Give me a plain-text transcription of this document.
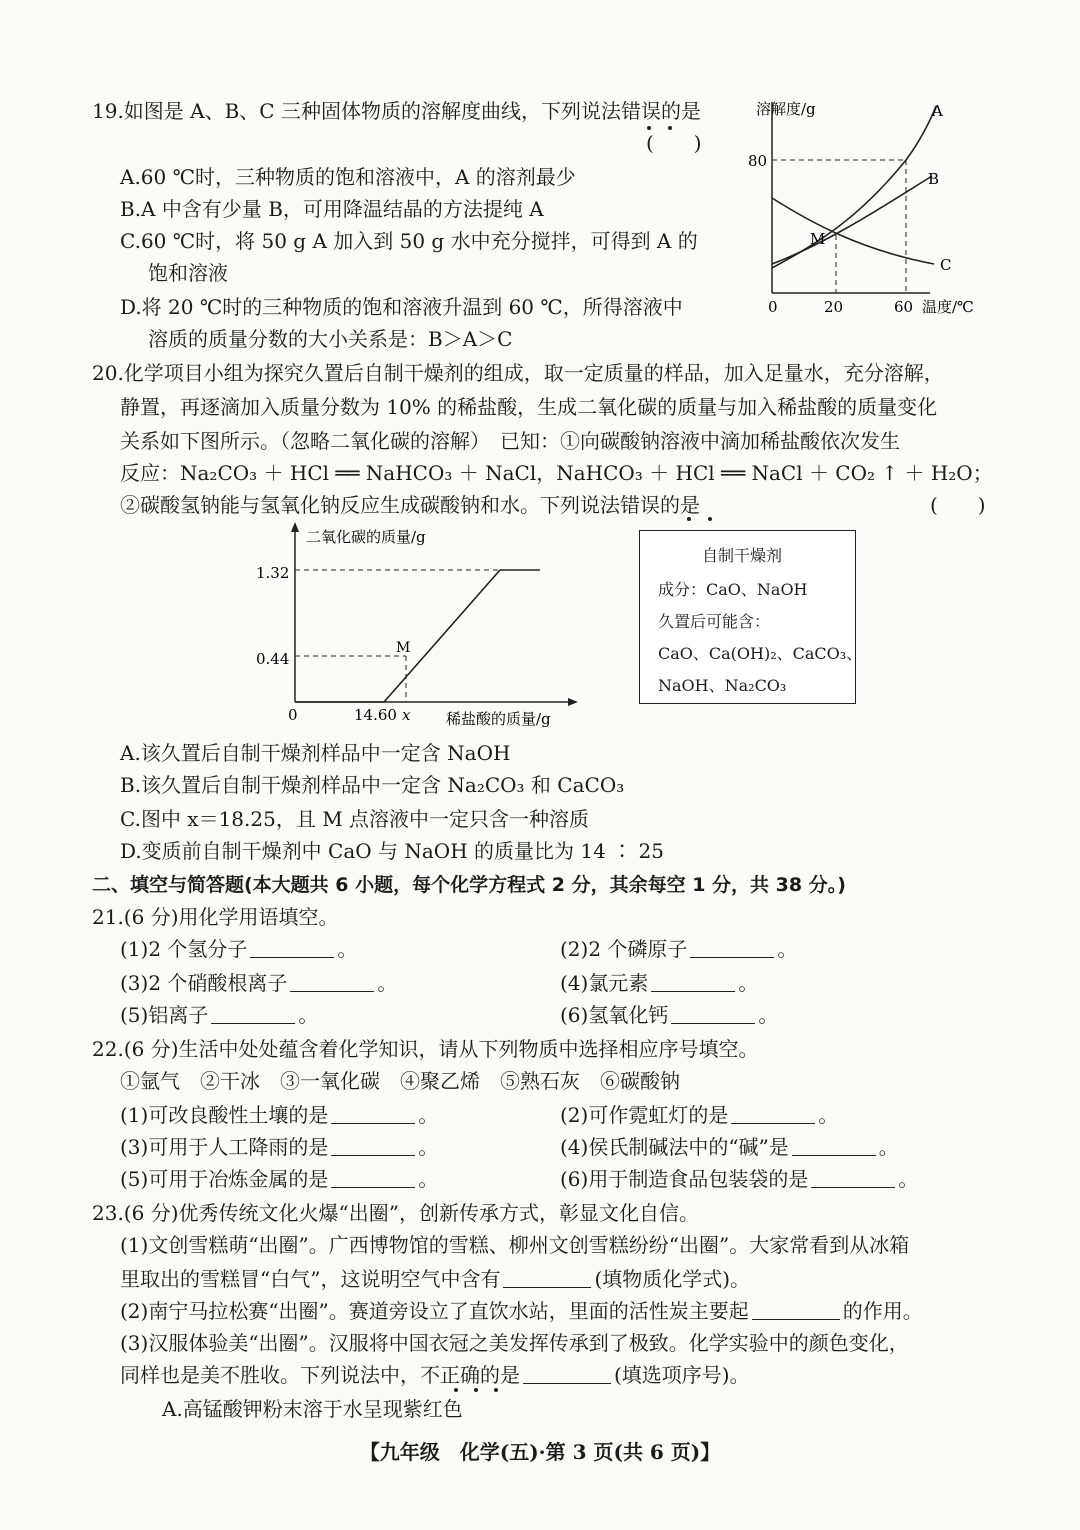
19.如图是 A、B、C 三种固体物质的溶解度曲线，下列说法错误的是
(　　)
A.60 ℃时，三种物质的饱和溶液中，A 的溶剂最少
B.A 中含有少量 B，可用降温结晶的方法提纯 A
C.60 ℃时，将 50 g A 加入到 50 g 水中充分搅拌，可得到 A 的
饱和溶液
D.将 20 ℃时的三种物质的饱和溶液升温到 60 ℃，所得溶液中
溶质的质量分数的大小关系是：B＞A＞C
溶解度/g
80
0	20	60 温度/℃
A
B
C
M
20.化学项目小组为探究久置后自制干燥剂的组成，取一定质量的样品，加入足量水，充分溶解，
静置，再逐滴加入质量分数为 10% 的稀盐酸，生成二氧化碳的质量与加入稀盐酸的质量变化
关系如下图所示。（忽略二氧化碳的溶解）　已知：①向碳酸钠溶液中滴加稀盐酸依次发生
反应：Na₂CO₃ ＋ HCl ══ NaHCO₃ ＋ NaCl，NaHCO₃ ＋ HCl ══ NaCl ＋ CO₂ ↑ ＋ H₂O；
②碳酸氢钠能与氢氧化钠反应生成碳酸钠和水。下列说法错误的是	(　　)
二氧化碳的质量/g
1.32
0.44
0	14.60 x 稀盐酸的质量/g
M
自制干燥剂
成分：CaO、NaOH
久置后可能含：
CaO、Ca(OH)₂、CaCO₃、
NaOH、Na₂CO₃
A.该久置后自制干燥剂样品中一定含 NaOH
B.该久置后自制干燥剂样品中一定含 Na₂CO₃ 和 CaCO₃
C.图中 x＝18.25，且 M 点溶液中一定只含一种溶质
D.变质前自制干燥剂中 CaO 与 NaOH 的质量比为 14 ∶ 25
二、填空与简答题(本大题共 6 小题，每个化学方程式 2 分，其余每空 1 分，共 38 分。)
21.(6 分)用化学用语填空。
(1)2 个氢分子	。	(2)2 个磷原子	。
(3)2 个硝酸根离子	。	(4)氯元素	。
(5)铝离子	。	(6)氢氧化钙	。
22.(6 分)生活中处处蕴含着化学知识，请从下列物质中选择相应序号填空。
①氩气　②干冰　③一氧化碳　④聚乙烯　⑤熟石灰　⑥碳酸钠
(1)可改良酸性土壤的是	。	(2)可作霓虹灯的是	。
(3)可用于人工降雨的是	。	(4)侯氏制碱法中的“碱”是	。
(5)可用于冶炼金属的是	。	(6)用于制造食品包装袋的是	。
23.(6 分)优秀传统文化火爆“出圈”，创新传承方式，彰显文化自信。
(1)文创雪糕萌“出圈”。广西博物馆的雪糕、柳州文创雪糕纷纷“出圈”。大家常看到从冰箱
里取出的雪糕冒“白气”，这说明空气中含有	(填物质化学式)。
(2)南宁马拉松赛“出圈”。赛道旁设立了直饮水站，里面的活性炭主要起	的作用。
(3)汉服体验美“出圈”。汉服将中国衣冠之美发挥传承到了极致。化学实验中的颜色变化，
同样也是美不胜收。下列说法中，不正确的是	(填选项序号)。
A.高锰酸钾粉末溶于水呈现紫红色
【九年级　化学(五)·第 3 页(共 6 页)】
